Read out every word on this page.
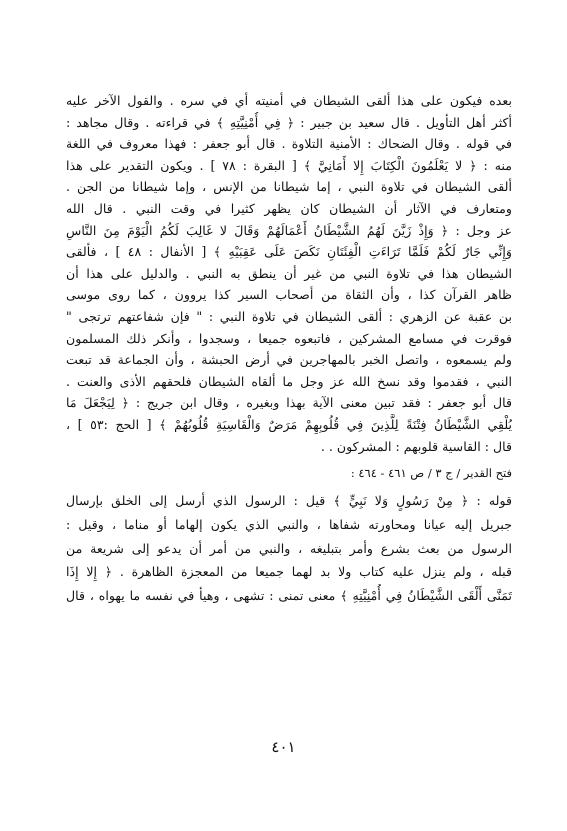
بعده فيكون على هذا ألقى الشيطان في أمنيته أي في سره . والقول الآخر عليه
أكثر أهل التأويل . قال سعيد بن جبير : ﴿ فِي أُمْنِيَّتِهِ ﴾ في قراءته . وقال مجاهد :
في قوله . وقال الضحاك : الأمنية التلاوة . قال أبو جعفر : فهذا معروف في اللغة
منه : ﴿ لا يَعْلَمُونَ الْكِتَابَ إِلا أَمَانِيَّ ﴾ [ البقرة : ٧٨ ] . ويكون التقدير على هذا
ألقى الشيطان في تلاوة النبي ، إما شيطانا من الإنس ، وإما شيطانا من الجن .
ومتعارف في الآثار أن الشيطان كان يظهر كثيرا في وقت النبي . قال الله
عز وجل : ﴿ وَإِذْ زَيَّنَ لَهُمُ الشَّيْطَانُ أَعْمَالَهُمْ وَقَالَ لا غَالِبَ لَكُمُ الْيَوْمَ مِنَ النَّاسِ
وَإِنِّي جَارٌ لَكُمْ فَلَمَّا تَرَاءَتِ الْفِئَتَانِ نَكَصَ عَلَى عَقِبَيْهِ ﴾ [ الأنفال : ٤٨ ] ، فألقى
الشيطان هذا في تلاوة النبي من غير أن ينطق به النبي . والدليل على هذا أن
ظاهر القرآن كذا ، وأن الثقاة من أصحاب السير كذا يروون ، كما روى موسى
بن عقبة عن الزهري : ألقى الشيطان في تلاوة النبي : " فإن شفاعتهم ترتجى "
فوقرت في مسامع المشركين ، فاتبعوه جميعا ، وسجدوا ، وأنكر ذلك المسلمون
ولم يسمعوه ، واتصل الخبر بالمهاجرين في أرض الحبشة ، وأن الجماعة قد تبعت
النبي ، فقدموا وقد نسخ الله عز وجل ما ألقاه الشيطان فلحقهم الأذى والعنت .
قال أبو جعفر : فقد تبين معنى الآية بهذا وبغيره ، وقال ابن جريج : ﴿ لِيَجْعَلَ مَا
يُلْقِي الشَّيْطَانُ فِتْنَةً لِلَّذِينَ فِي قُلُوبِهِمْ مَرَضٌ وَالْقَاسِيَةِ قُلُوبُهُمْ ﴾ [ الحج :٥٣ ] ،
قال : القاسية قلوبهم : المشركون . .
فتح القدير / ج ٣ / ص ٤٦١ - ٤٦٤ :
قوله : ﴿ مِنْ رَسُولٍ وَلا نَبِيٍّ ﴾ قيل : الرسول الذي أرسل إلى الخلق بإرسال
جبريل إليه عيانا ومحاورته شفاها ، والنبي الذي يكون إلهاما أو مناما ، وقيل :
الرسول من بعث بشرع وأمر بتبليغه ، والنبي من أمر أن يدعو إلى شريعة من
قبله ، ولم ينزل عليه كتاب ولا بد لهما جميعا من المعجزة الظاهرة . ﴿ إِلا إِذَا
تَمَنَّى أَلْقَى الشَّيْطَانُ فِي أُمْنِيَّتِهِ ﴾ معنى تمنى : تشهى ، وهيأ في نفسه ما يهواه ، قال
٤٠١
